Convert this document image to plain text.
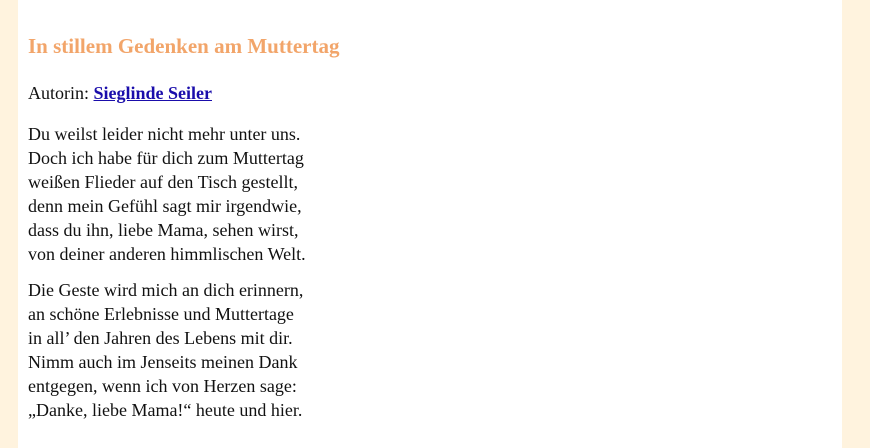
In stillem Gedenken am Muttertag
Autorin: Sieglinde Seiler
Du weilst leider nicht mehr unter uns.
Doch ich habe für dich zum Muttertag
weißen Flieder auf den Tisch gestellt,
denn mein Gefühl sagt mir irgendwie,
dass du ihn, liebe Mama, sehen wirst,
von deiner anderen himmlischen Welt.
Die Geste wird mich an dich erinnern,
an schöne Erlebnisse und Muttertage
in all’ den Jahren des Lebens mit dir.
Nimm auch im Jenseits meinen Dank
entgegen, wenn ich von Herzen sage:
„Danke, liebe Mama!“ heute und hier.
